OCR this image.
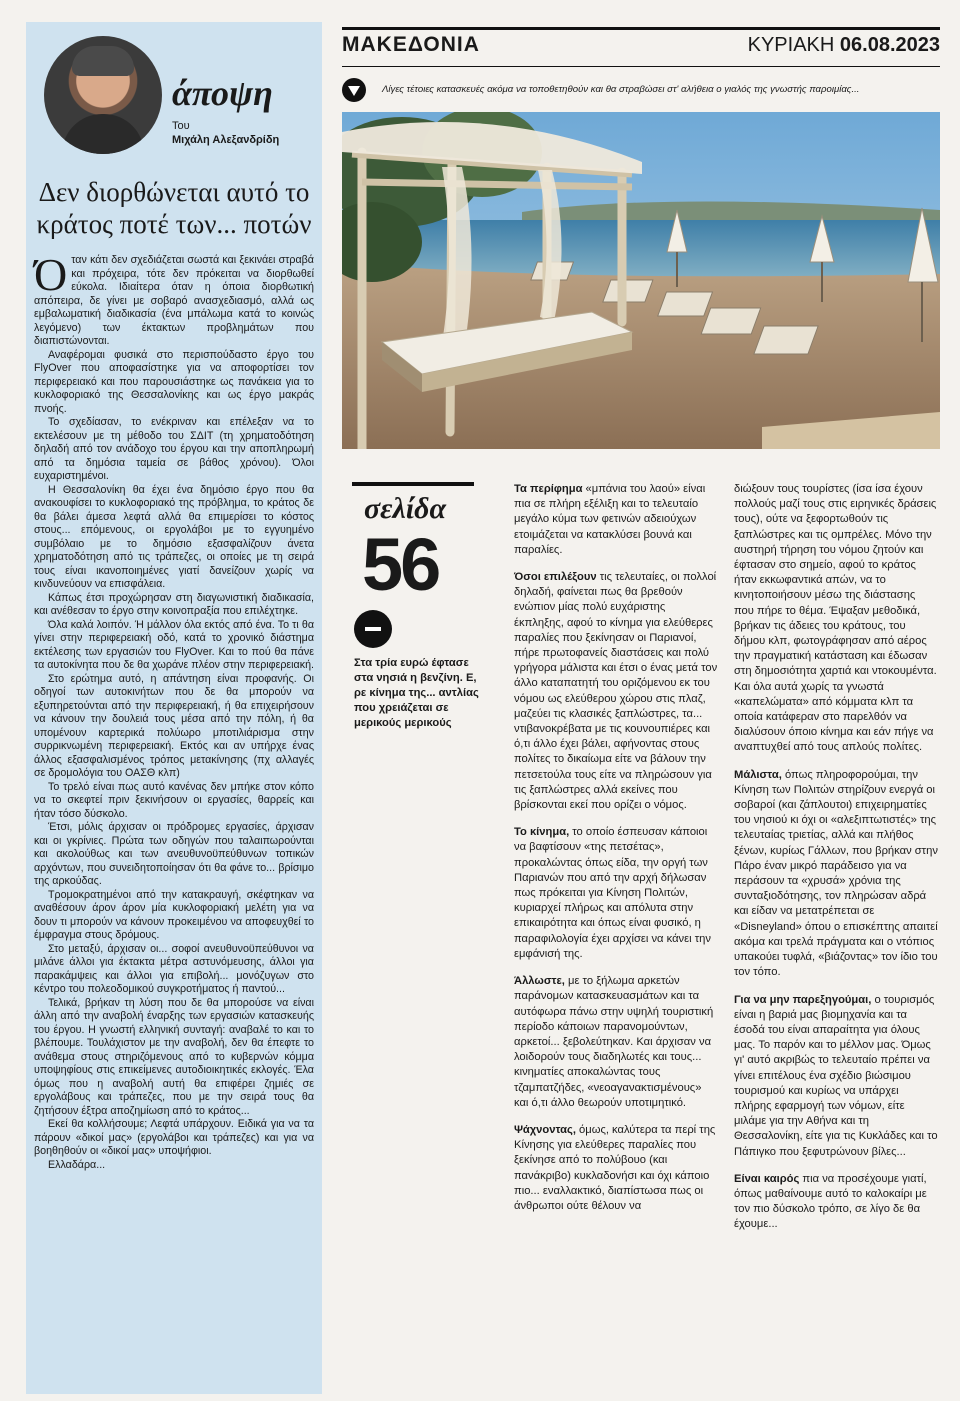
άποψη
Του
Μιχάλη Αλεξανδρίδη
Δεν διορθώνεται αυτό το κράτος ποτέ των... ποτών

Όταν κάτι δεν σχεδιάζεται σωστά και ξεκινάει στραβά και πρόχειρα, τότε δεν πρόκειται να διορθωθεί εύκολα. Ιδιαίτερα όταν η όποια διορθωτική απόπειρα, δε γίνει με σοβαρό ανασχεδιασμό, αλλά ως εμβαλωματική διαδικασία (ένα μπάλωμα κατά το κοινώς λεγόμενο) των έκτακτων προβλημάτων που διαπιστώνονται.

Αναφέρομαι φυσικά στο περισπούδαστο έργο του FlyOver που αποφασίστηκε για να αποφορτίσει τον περιφερειακό και που παρουσιάστηκε ως πανάκεια για το κυκλοφοριακό της Θεσσαλονίκης και ως έργο μακράς πνοής.

Το σχεδίασαν, το ενέκριναν και επέλεξαν να το εκτελέσουν με τη μέθοδο του ΣΔΙΤ (τη χρηματοδότηση δηλαδή από τον ανάδοχο του έργου και την αποπληρωμή από τα δημόσια ταμεία σε βάθος χρόνου). Όλοι ευχαριστημένοι.

Η Θεσσαλονίκη θα έχει ένα δημόσιο έργο που θα ανακουφίσει το κυκλοφοριακό της πρόβλημα, το κράτος δε θα βάλει άμεσα λεφτά αλλά θα επιμερίσει το κόστος στους... επόμενους, οι εργολάβοι με το εγγυημένο συμβόλαιο με το δημόσιο εξασφαλίζουν άνετα χρηματοδότηση από τις τράπεζες, οι οποίες με τη σειρά τους είναι ικανοποιημένες γιατί δανείζουν χωρίς να κινδυνεύουν να επισφάλεια.

Κάπως έτσι προχώρησαν στη διαγωνιστική διαδικασία, και ανέθεσαν το έργο στην κοινοπραξία που επιλέχτηκε.

Όλα καλά λοιπόν. Ή μάλλον όλα εκτός από ένα. Το τι θα γίνει στην περιφερειακή οδό, κατά το χρονικό διάστημα εκτέλεσης των εργασιών του FlyOver. Και το πού θα πάνε τα αυτοκίνητα που δε θα χωράνε πλέον στην περιφερειακή.

Στο ερώτημα αυτό, η απάντηση είναι προφανής. Οι οδηγοί των αυτοκινήτων που δε θα μπορούν να εξυπηρετούνται από την περιφερειακή, ή θα επιχειρήσουν να κάνουν την δουλειά τους μέσα από την πόλη, ή θα υπομένουν καρτερικά πολύωρο μποτιλιάρισμα στην συρρικνωμένη περιφερειακή. Εκτός και αν υπήρχε ένας άλλος εξασφαλισμένος τρόπος μετακίνησης (πχ αλλαγές σε δρομολόγια του ΟΑΣΘ κλπ)

Το τρελό είναι πως αυτό κανένας δεν μπήκε στον κόπο να το σκεφτεί πριν ξεκινήσουν οι εργασίες, θαρρείς και ήταν τόσο δύσκολο.

Έτσι, μόλις άρχισαν οι πρόδρομες εργασίες, άρχισαν και οι γκρίνιες. Πρώτα των οδηγών που ταλαιπωρούνται και ακολούθως και των ανευθυνοϋπεύθυνων τοπικών αρχόντων, που συνειδητοποίησαν ότι θα φάνε το... βρίσιμο της αρκούδας.

Τρομοκρατημένοι από την κατακραυγή, σκέφτηκαν να αναθέσουν άρον άρον μία κυκλοφοριακή μελέτη για να δουν τι μπορούν να κάνουν προκειμένου να αποφευχθεί το έμφραγμα στους δρόμους.

Στο μεταξύ, άρχισαν οι... σοφοί ανευθυνοϋπεύθυνοι να μιλάνε άλλοι για έκτακτα μέτρα αστυνόμευσης, άλλοι για παρακάμψεις και άλλοι για επιβολή... μονόζυγων στο κέντρο του πολεοδομικού συγκροτήματος ή παντού...

Τελικά, βρήκαν τη λύση που δε θα μπορούσε να είναι άλλη από την αναβολή έναρξης των εργασιών κατασκευής του έργου. Η γνωστή ελληνική συνταγή: αναβαλέ το και το βλέπουμε. Τουλάχιστον με την αναβολή, δεν θα έπεφτε το ανάθεμα στους στηριζόμενους από το κυβερνών κόμμα υποψηφίους στις επικείμενες αυτοδιοικητικές εκλογές. Έλα όμως που η αναβολή αυτή θα επιφέρει ζημιές σε εργολάβους και τράπεζες, που με την σειρά τους θα ζητήσουν έξτρα αποζημίωση από το κράτος...

Εκεί θα κολλήσουμε; Λεφτά υπάρχουν. Ειδικά για να τα πάρουν «δικοί μας» (εργολάβοι και τράπεζες) και για να βοηθηθούν οι «δικοί μας» υποψήφιοι.

Ελλαδάρα...

ΜΑΚΕΔΟΝΙΑ	ΚΥΡΙΑΚΗ 06.08.2023
Λίγες τέτοιες κατασκευές ακόμα να τοποθετηθούν και θα στραβώσει στ' αλήθεια ο γιαλός της γνωστής παροιμίας...
σελίδα
56
Στα τρία ευρώ έφτασε στα νησιά η βενζίνη. Ε, ρε κίνημα της... αντλίας που χρειάζεται σε μερικούς μερικούς

Τα περίφημα «μπάνια του λαού» είναι πια σε πλήρη εξέλιξη και το τελευταίο μεγάλο κύμα των φετινών αδειούχων ετοιμάζεται να κατακλύσει βουνά και παραλίες.

Όσοι επιλέξουν τις τελευταίες, οι πολλοί δηλαδή, φαίνεται πως θα βρεθούν ενώπιον μίας πολύ ευχάριστης έκπληξης, αφού το κίνημα για ελεύθερες παραλίες που ξεκίνησαν οι Παριανοί, πήρε πρωτοφανείς διαστάσεις και πολύ γρήγορα μάλιστα και έτσι ο ένας μετά τον άλλο καταπατητή του οριζόμενου εκ του νόμου ως ελεύθερου χώρου στις πλαζ, μαζεύει τις κλασικές ξαπλώστρες, τα... ντιβανοκρέβατα με τις κουνουπιέρες και ό,τι άλλο έχει βάλει, αφήνοντας στους πολίτες το δικαίωμα είτε να βάλουν την πετσετούλα τους είτε να πληρώσουν για τις ξαπλώστρες αλλά εκείνες που βρίσκονται εκεί που ορίζει ο νόμος.

Το κίνημα, το οποίο έσπευσαν κάποιοι να βαφτίσουν «της πετσέτας», προκαλώντας όπως είδα, την οργή των Παριανών που από την αρχή δήλωσαν πως πρόκειται για Κίνηση Πολιτών, κυριαρχεί πλήρως και απόλυτα στην επικαιρότητα και όπως είναι φυσικό, η παραφιλολογία έχει αρχίσει να κάνει την εμφάνισή της.

Άλλωστε, με το ξήλωμα αρκετών παράνομων κατασκευασμάτων και τα αυτόφωρα πάνω στην υψηλή τουριστική περίοδο κάποιων παρανομούντων, αρκετοί... ξεβολεύτηκαν. Και άρχισαν να λοιδορούν τους διαδηλωτές και τους... κινηματίες αποκαλώντας τους τζαμπατζήδες, «νεοαγανακτισμένους» και ό,τι άλλο θεωρούν υποτιμητικό.

Ψάχνοντας, όμως, καλύτερα τα περί της Κίνησης για ελεύθερες παραλίες που ξεκίνησε από το πολύβουο (και πανάκριβο) κυκλαδονήσι και όχι κάποιο πιο... εναλλακτικό, διαπίστωσα πως οι άνθρωποι ούτε θέλουν να

διώξουν τους τουρίστες (ίσα ίσα έχουν πολλούς μαζί τους στις ειρηνικές δράσεις τους), ούτε να ξεφορτωθούν τις ξαπλώστρες και τις ομπρέλες. Μόνο την αυστηρή τήρηση του νόμου ζητούν και έφτασαν στο σημείο, αφού το κράτος ήταν εκκωφαντικά απών, να το κινητοποιήσουν μέσω της διάστασης που πήρε το θέμα. Έψαξαν μεθοδικά, βρήκαν τις άδειες του κράτους, του δήμου κλπ, φωτογράφησαν από αέρος την πραγματική κατάσταση και έδωσαν στη δημοσιότητα χαρτιά και ντοκουμέντα. Και όλα αυτά χωρίς τα γνωστά «καπελώματα» από κόμματα κλπ τα οποία κατάφεραν στο παρελθόν να διαλύσουν όποιο κίνημα και εάν πήγε να αναπτυχθεί από τους απλούς πολίτες.

Μάλιστα, όπως πληροφορούμαι, την Κίνηση των Πολιτών στηρίζουν ενεργά οι σοβαροί (και ζάπλουτοι) επιχειρηματίες του νησιού κι όχι οι «αλεξιπτωτιστές» της τελευταίας τριετίας, αλλά και πλήθος ξένων, κυρίως Γάλλων, που βρήκαν στην Πάρο έναν μικρό παράδεισο για να περάσουν τα «χρυσά» χρόνια της συνταξιοδότησης, τον πληρώσαν αδρά και είδαν να μετατρέπεται σε «Disneyland» όπου ο επισκέπτης απαιτεί ακόμα και τρελά πράγματα και ο ντόπιος υπακούει τυφλά, «βιάζοντας» τον ίδιο του τον τόπο.

Για να μην παρεξηγούμαι, ο τουρισμός είναι η βαριά μας βιομηχανία και τα έσοδά του είναι απαραίτητα για όλους μας. Το παρόν και το μέλλον μας. Όμως γι' αυτό ακριβώς το τελευταίο πρέπει να γίνει επιτέλους ένα σχέδιο βιώσιμου τουρισμού και κυρίως να υπάρχει πλήρης εφαρμογή των νόμων, είτε μιλάμε για την Αθήνα και τη Θεσσαλονίκη, είτε για τις Κυκλάδες και το Πάπιγκο που ξεφυτρώνουν βίλες...

Είναι καιρός πια να προσέχουμε γιατί, όπως μαθαίνουμε αυτό το καλοκαίρι με τον πιο δύσκολο τρόπο, σε λίγο δε θα έχουμε...
